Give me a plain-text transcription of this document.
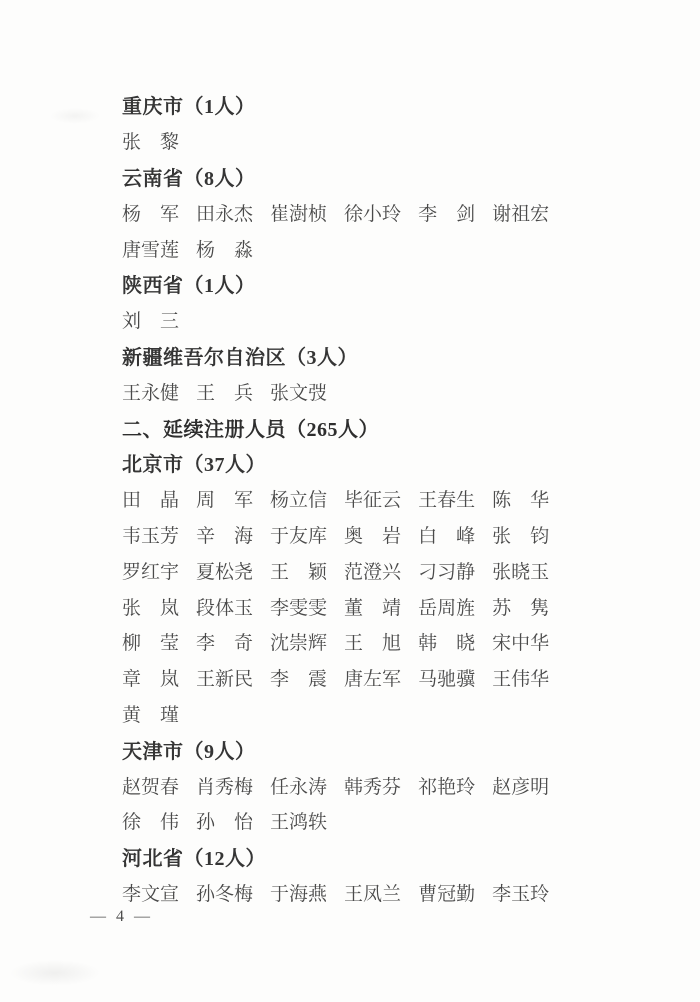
重庆市（1人）
张　黎
云南省（8人）
杨　军 田永杰 崔澍桢 徐小玲 李　剑 谢祖宏
唐雪莲 杨　淼
陕西省（1人）
刘　三
新疆维吾尔自治区（3人）
王永健 王　兵 张文弢
二、延续注册人员（265人）
北京市（37人）
田　晶 周　军 杨立信 毕征云 王春生 陈　华
韦玉芳 辛　海 于友库 奥　岩 白　峰 张　钧
罗红宇 夏松尧 王　颖 范澄兴 刁习静 张晓玉
张　岚 段体玉 李雯雯 董　靖 岳周旌 苏　隽
柳　莹 李　奇 沈崇辉 王　旭 韩　晓 宋中华
章　岚 王新民 李　震 唐左军 马驰骥 王伟华
黄　瑾
天津市（9人）
赵贺春 肖秀梅 任永涛 韩秀芬 祁艳玲 赵彦明
徐　伟 孙　怡 王鸿轶
河北省（12人）
李文宣 孙冬梅 于海燕 王凤兰 曹冠勤 李玉玲
— 4 —
